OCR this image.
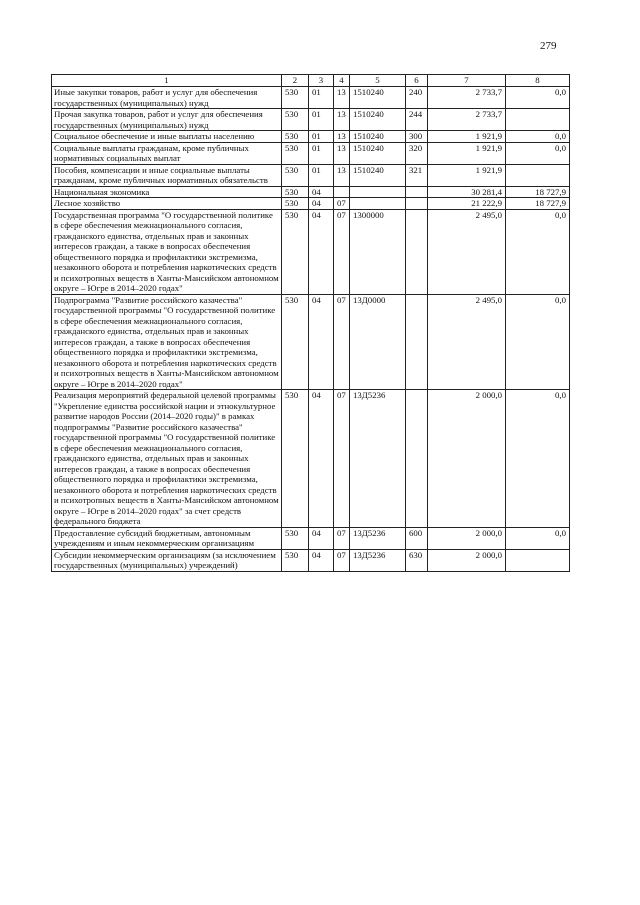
279
1	2	3	4	5	6	7	8
Иные закупки товаров, работ и услуг для обеспечения государственных (муниципальных) нужд	530	01	13	1510240	240	2 733,7	0,0
Прочая закупка товаров, работ и услуг для обеспечения государственных (муниципальных) нужд	530	01	13	1510240	244	2 733,7	
Социальное обеспечение и иные выплаты населению	530	01	13	1510240	300	1 921,9	0,0
Социальные выплаты гражданам, кроме публичных нормативных социальных выплат	530	01	13	1510240	320	1 921,9	0,0
Пособия, компенсации и иные социальные выплаты гражданам, кроме публичных нормативных обязательств	530	01	13	1510240	321	1 921,9	
Национальная экономика	530	04				30 281,4	18 727,9
Лесное хозяйство	530	04	07			21 222,9	18 727,9
Государственная программа "О государственной политике в сфере обеспечения межнационального согласия, гражданского единства, отдельных прав и законных интересов граждан, а также в вопросах обеспечения общественного порядка и профилактики экстремизма, незаконного оборота и потребления наркотических средств и психотропных веществ в Ханты-Мансийском автономном округе – Югре в 2014–2020 годах"	530	04	07	1300000		2 495,0	0,0
Подпрограмма "Развитие российского казачества" государственной программы "О государственной политике в сфере обеспечения межнационального согласия, гражданского единства, отдельных прав и законных интересов граждан, а также в вопросах обеспечения общественного порядка и профилактики экстремизма, незаконного оборота и потребления наркотических средств и психотропных веществ в Ханты-Мансийском автономном округе – Югре в 2014–2020 годах"	530	04	07	13Д0000		2 495,0	0,0
Реализация мероприятий федеральной целевой программы "Укрепление единства российской нации и этнокультурное развитие народов России (2014–2020 годы)" в рамках подпрограммы "Развитие российского казачества" государственной программы "О государственной политике в сфере обеспечения межнационального согласия, гражданского единства, отдельных прав и законных интересов граждан, а также в вопросах обеспечения общественного порядка и профилактики экстремизма, незаконного оборота и потребления наркотических средств и психотропных веществ в Ханты-Мансийском автономном округе – Югре в 2014–2020 годах" за счет средств федерального бюджета	530	04	07	13Д5236		2 000,0	0,0
Предоставление субсидий бюджетным, автономным учреждениям и иным некоммерческим организациям	530	04	07	13Д5236	600	2 000,0	0,0
Субсидии некоммерческим организациям (за исключением государственных (муниципальных) учреждений)	530	04	07	13Д5236	630	2 000,0	
